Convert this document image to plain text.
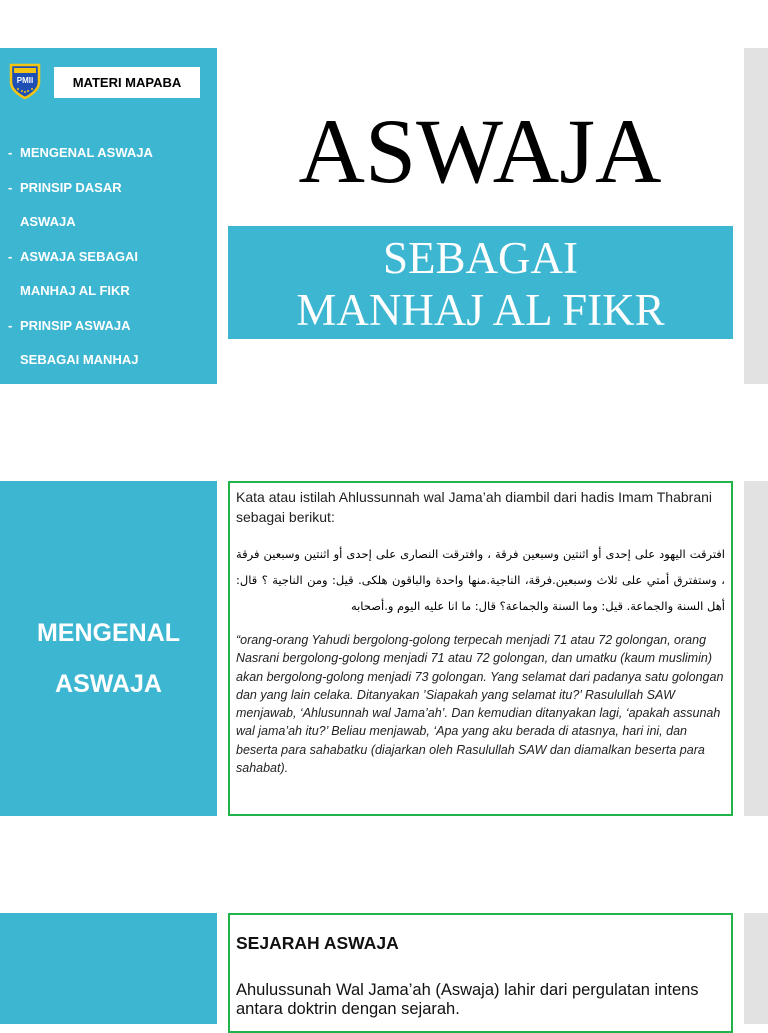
PMII	MATERI MAPABA
- MENGENAL ASWAJA
- PRINSIP DASAR
ASWAJA
- ASWAJA SEBAGAI
MANHAJ AL FIKR
- PRINSIP ASWAJA
SEBAGAI MANHAJ
ASWAJA
SEBAGAI
MANHAJ AL FIKR
MENGENAL
ASWAJA
Kata atau istilah Ahlussunnah wal Jama’ah diambil dari hadis Imam Thabrani sebagai berikut:
افترقت اليهود على إحدى أو اثنتين وسبعين فرقة ، وافترقت النصارى على إحدى أو اثنتين وسبعين فرقة ، وستفترق أمتي على ثلاث وسبعين.فرقة، الناجية.منها واحدة والباقون هلكى. قيل: ومن الناجية ؟ قال: أهل السنة والجماعة. قيل: وما السنة والجماعة؟ قال: ما انا عليه اليوم و.أصحابه
“orang-orang Yahudi bergolong-golong terpecah menjadi 71 atau 72 golongan, orang Nasrani bergolong-golong menjadi 71 atau 72 golongan, dan umatku (kaum muslimin) akan bergolong-golong menjadi 73 golongan. Yang selamat dari padanya satu golongan dan yang lain celaka. Ditanyakan ’Siapakah yang selamat itu?’ Rasulullah SAW menjawab, ‘Ahlusunnah wal Jama’ah’. Dan kemudian ditanyakan lagi, ‘apakah assunah wal jama’ah itu?’ Beliau menjawab, ‘Apa yang aku berada di atasnya, hari ini, dan beserta para sahabatku (diajarkan oleh Rasulullah SAW dan diamalkan beserta para sahabat).
SEJARAH ASWAJA
Ahulussunah Wal Jama’ah (Aswaja) lahir dari pergulatan intens antara doktrin dengan sejarah.
